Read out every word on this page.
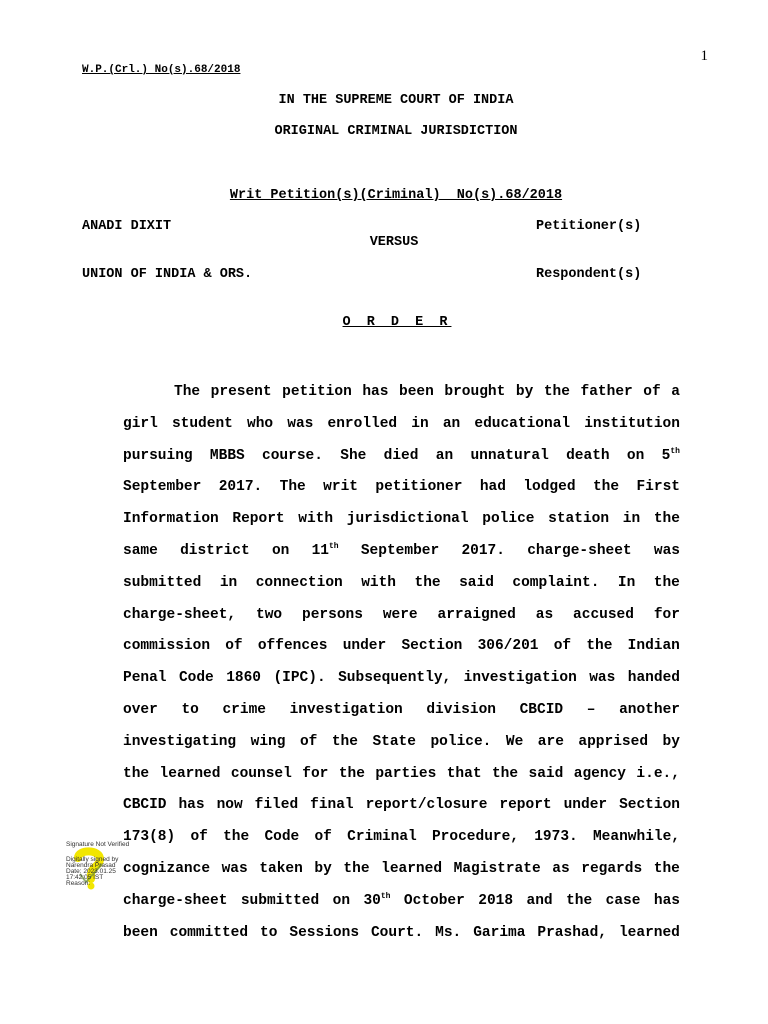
1
W.P.(Crl.) No(s).68/2018
IN THE SUPREME COURT OF INDIA
ORIGINAL CRIMINAL JURISDICTION
Writ Petition(s)(Criminal)  No(s).68/2018
ANADI DIXIT	Petitioner(s)
VERSUS
UNION OF INDIA & ORS.	Respondent(s)
O R D E R
The present petition has been brought by the father of a
girl student who was enrolled in an educational institution
pursuing MBBS course. She died an unnatural death on 5th
September 2017. The writ petitioner had lodged the First
Information Report with jurisdictional police station in the
same district on 11th September 2017. charge-sheet was
submitted in connection with the said complaint. In the
charge-sheet, two persons were arraigned as accused for
commission of offences under Section 306/201 of the Indian
Penal Code 1860 (IPC). Subsequently, investigation was handed
over to crime investigation division CBCID – another
investigating wing of the State police. We are apprised by
the learned counsel for the parties that the said agency i.e.,
CBCID has now filed final report/closure report under Section
173(8) of the Code of Criminal Procedure, 1973. Meanwhile,
cognizance was taken by the learned Magistrate as regards the
charge-sheet submitted on 30th October 2018 and the case has
been committed to Sessions Court. Ms. Garima Prashad, learned
Signature Not Verified
Digitally signed by
Narendra Prasad
Date: 2023.01.25
17:42:05 IST
Reason:
